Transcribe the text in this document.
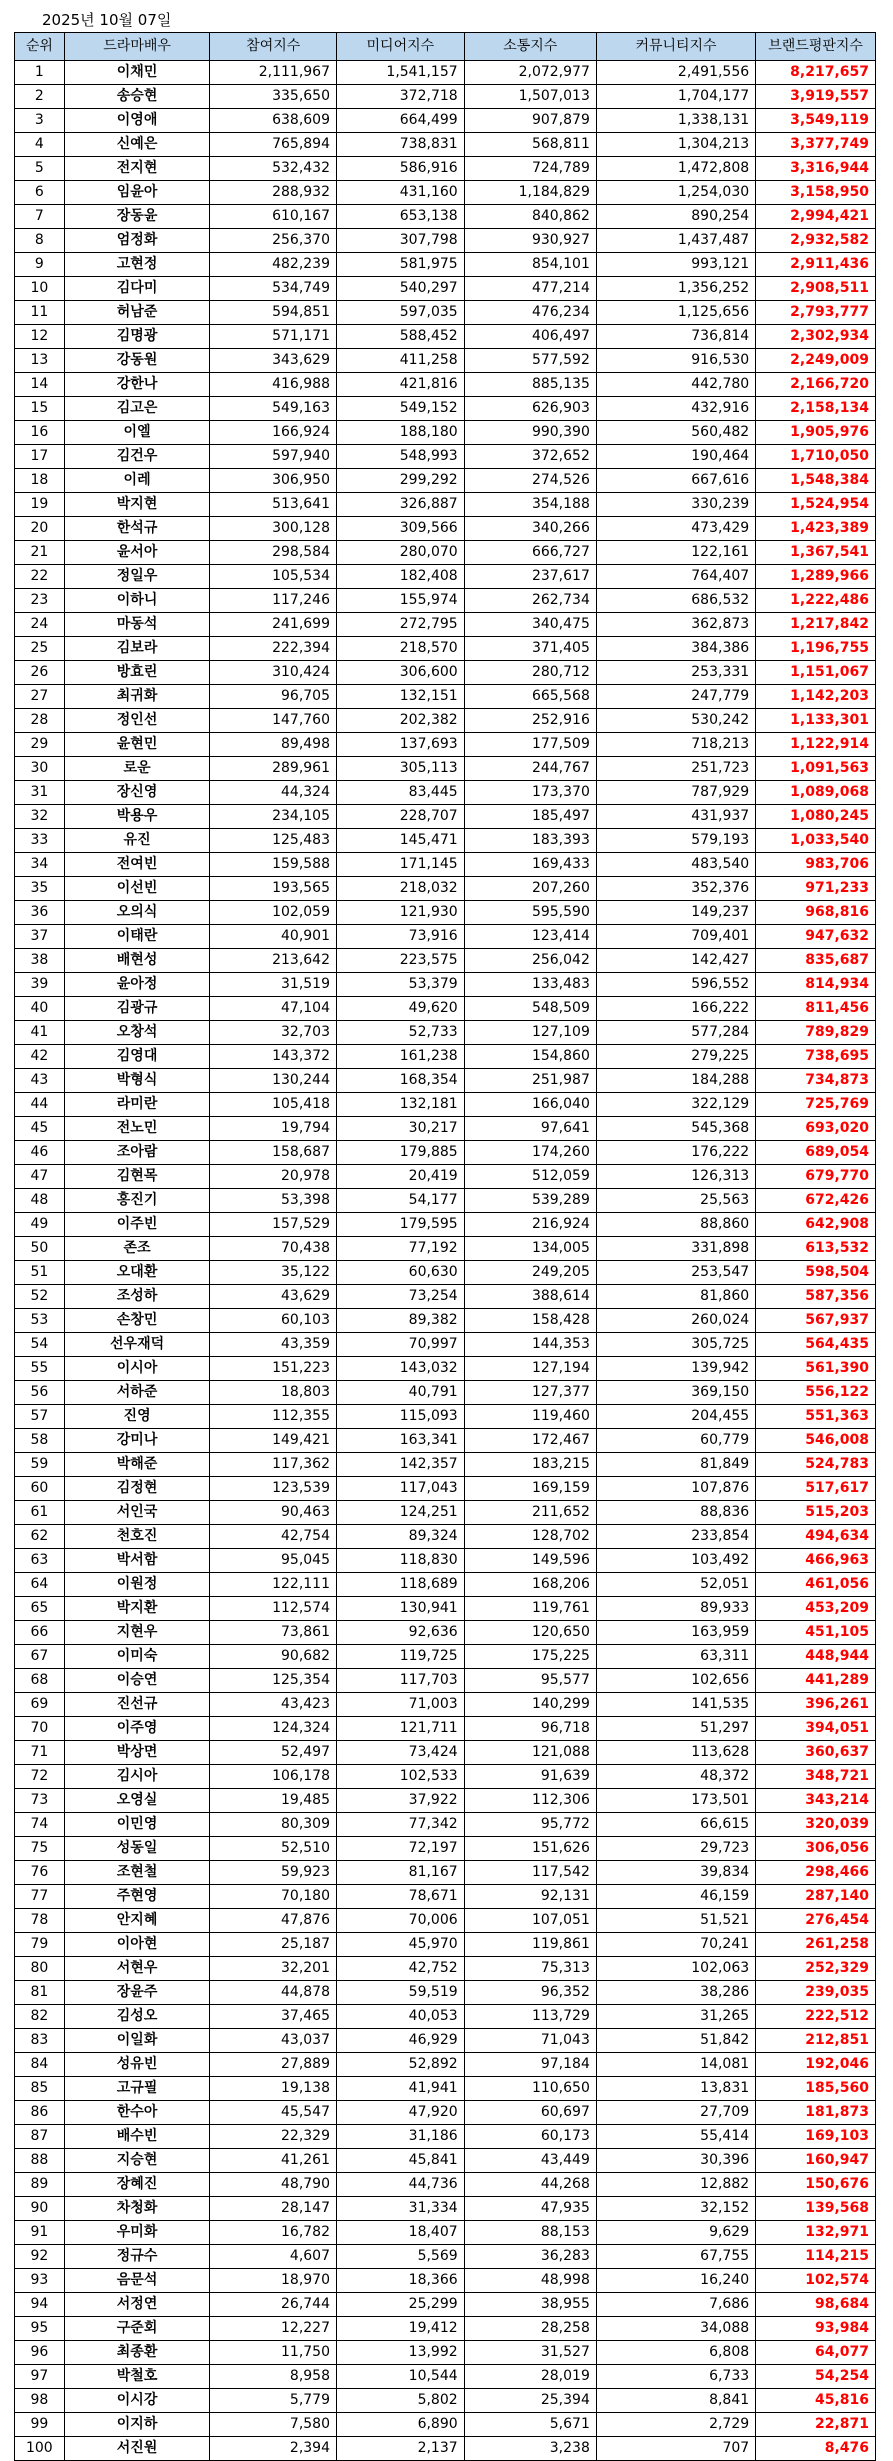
2025년 10월 07일
순위	드라마배우	참여지수	미디어지수	소통지수	커뮤니티지수	브랜드평판지수
1	이채민	2,111,967	1,541,157	2,072,977	2,491,556	8,217,657
2	송승현	335,650	372,718	1,507,013	1,704,177	3,919,557
3	이영애	638,609	664,499	907,879	1,338,131	3,549,119
4	신예은	765,894	738,831	568,811	1,304,213	3,377,749
5	전지현	532,432	586,916	724,789	1,472,808	3,316,944
6	임윤아	288,932	431,160	1,184,829	1,254,030	3,158,950
7	장동윤	610,167	653,138	840,862	890,254	2,994,421
8	엄정화	256,370	307,798	930,927	1,437,487	2,932,582
9	고현정	482,239	581,975	854,101	993,121	2,911,436
10	김다미	534,749	540,297	477,214	1,356,252	2,908,511
11	허남준	594,851	597,035	476,234	1,125,656	2,793,777
12	김명광	571,171	588,452	406,497	736,814	2,302,934
13	강동원	343,629	411,258	577,592	916,530	2,249,009
14	강한나	416,988	421,816	885,135	442,780	2,166,720
15	김고은	549,163	549,152	626,903	432,916	2,158,134
16	이엘	166,924	188,180	990,390	560,482	1,905,976
17	김건우	597,940	548,993	372,652	190,464	1,710,050
18	이레	306,950	299,292	274,526	667,616	1,548,384
19	박지현	513,641	326,887	354,188	330,239	1,524,954
20	한석규	300,128	309,566	340,266	473,429	1,423,389
21	윤서아	298,584	280,070	666,727	122,161	1,367,541
22	정일우	105,534	182,408	237,617	764,407	1,289,966
23	이하니	117,246	155,974	262,734	686,532	1,222,486
24	마동석	241,699	272,795	340,475	362,873	1,217,842
25	김보라	222,394	218,570	371,405	384,386	1,196,755
26	방효린	310,424	306,600	280,712	253,331	1,151,067
27	최귀화	96,705	132,151	665,568	247,779	1,142,203
28	정인선	147,760	202,382	252,916	530,242	1,133,301
29	윤현민	89,498	137,693	177,509	718,213	1,122,914
30	로운	289,961	305,113	244,767	251,723	1,091,563
31	장신영	44,324	83,445	173,370	787,929	1,089,068
32	박용우	234,105	228,707	185,497	431,937	1,080,245
33	유진	125,483	145,471	183,393	579,193	1,033,540
34	전여빈	159,588	171,145	169,433	483,540	983,706
35	이선빈	193,565	218,032	207,260	352,376	971,233
36	오의식	102,059	121,930	595,590	149,237	968,816
37	이태란	40,901	73,916	123,414	709,401	947,632
38	배현성	213,642	223,575	256,042	142,427	835,687
39	윤아정	31,519	53,379	133,483	596,552	814,934
40	김광규	47,104	49,620	548,509	166,222	811,456
41	오창석	32,703	52,733	127,109	577,284	789,829
42	김영대	143,372	161,238	154,860	279,225	738,695
43	박형식	130,244	168,354	251,987	184,288	734,873
44	라미란	105,418	132,181	166,040	322,129	725,769
45	전노민	19,794	30,217	97,641	545,368	693,020
46	조아람	158,687	179,885	174,260	176,222	689,054
47	김현목	20,978	20,419	512,059	126,313	679,770
48	홍진기	53,398	54,177	539,289	25,563	672,426
49	이주빈	157,529	179,595	216,924	88,860	642,908
50	존조	70,438	77,192	134,005	331,898	613,532
51	오대환	35,122	60,630	249,205	253,547	598,504
52	조성하	43,629	73,254	388,614	81,860	587,356
53	손창민	60,103	89,382	158,428	260,024	567,937
54	선우재덕	43,359	70,997	144,353	305,725	564,435
55	이시아	151,223	143,032	127,194	139,942	561,390
56	서하준	18,803	40,791	127,377	369,150	556,122
57	진영	112,355	115,093	119,460	204,455	551,363
58	강미나	149,421	163,341	172,467	60,779	546,008
59	박해준	117,362	142,357	183,215	81,849	524,783
60	김정현	123,539	117,043	169,159	107,876	517,617
61	서인국	90,463	124,251	211,652	88,836	515,203
62	천호진	42,754	89,324	128,702	233,854	494,634
63	박서함	95,045	118,830	149,596	103,492	466,963
64	이원정	122,111	118,689	168,206	52,051	461,056
65	박지환	112,574	130,941	119,761	89,933	453,209
66	지현우	73,861	92,636	120,650	163,959	451,105
67	이미숙	90,682	119,725	175,225	63,311	448,944
68	이승연	125,354	117,703	95,577	102,656	441,289
69	진선규	43,423	71,003	140,299	141,535	396,261
70	이주영	124,324	121,711	96,718	51,297	394,051
71	박상면	52,497	73,424	121,088	113,628	360,637
72	김시아	106,178	102,533	91,639	48,372	348,721
73	오영실	19,485	37,922	112,306	173,501	343,214
74	이민영	80,309	77,342	95,772	66,615	320,039
75	성동일	52,510	72,197	151,626	29,723	306,056
76	조현철	59,923	81,167	117,542	39,834	298,466
77	주현영	70,180	78,671	92,131	46,159	287,140
78	안지혜	47,876	70,006	107,051	51,521	276,454
79	이아현	25,187	45,970	119,861	70,241	261,258
80	서현우	32,201	42,752	75,313	102,063	252,329
81	장윤주	44,878	59,519	96,352	38,286	239,035
82	김성오	37,465	40,053	113,729	31,265	222,512
83	이일화	43,037	46,929	71,043	51,842	212,851
84	성유빈	27,889	52,892	97,184	14,081	192,046
85	고규필	19,138	41,941	110,650	13,831	185,560
86	한수아	45,547	47,920	60,697	27,709	181,873
87	배수빈	22,329	31,186	60,173	55,414	169,103
88	지승현	41,261	45,841	43,449	30,396	160,947
89	장혜진	48,790	44,736	44,268	12,882	150,676
90	차청화	28,147	31,334	47,935	32,152	139,568
91	우미화	16,782	18,407	88,153	9,629	132,971
92	정규수	4,607	5,569	36,283	67,755	114,215
93	음문석	18,970	18,366	48,998	16,240	102,574
94	서정연	26,744	25,299	38,955	7,686	98,684
95	구준회	12,227	19,412	28,258	34,088	93,984
96	최종환	11,750	13,992	31,527	6,808	64,077
97	박철호	8,958	10,544	28,019	6,733	54,254
98	이시강	5,779	5,802	25,394	8,841	45,816
99	이지하	7,580	6,890	5,671	2,729	22,871
100	서진원	2,394	2,137	3,238	707	8,476
